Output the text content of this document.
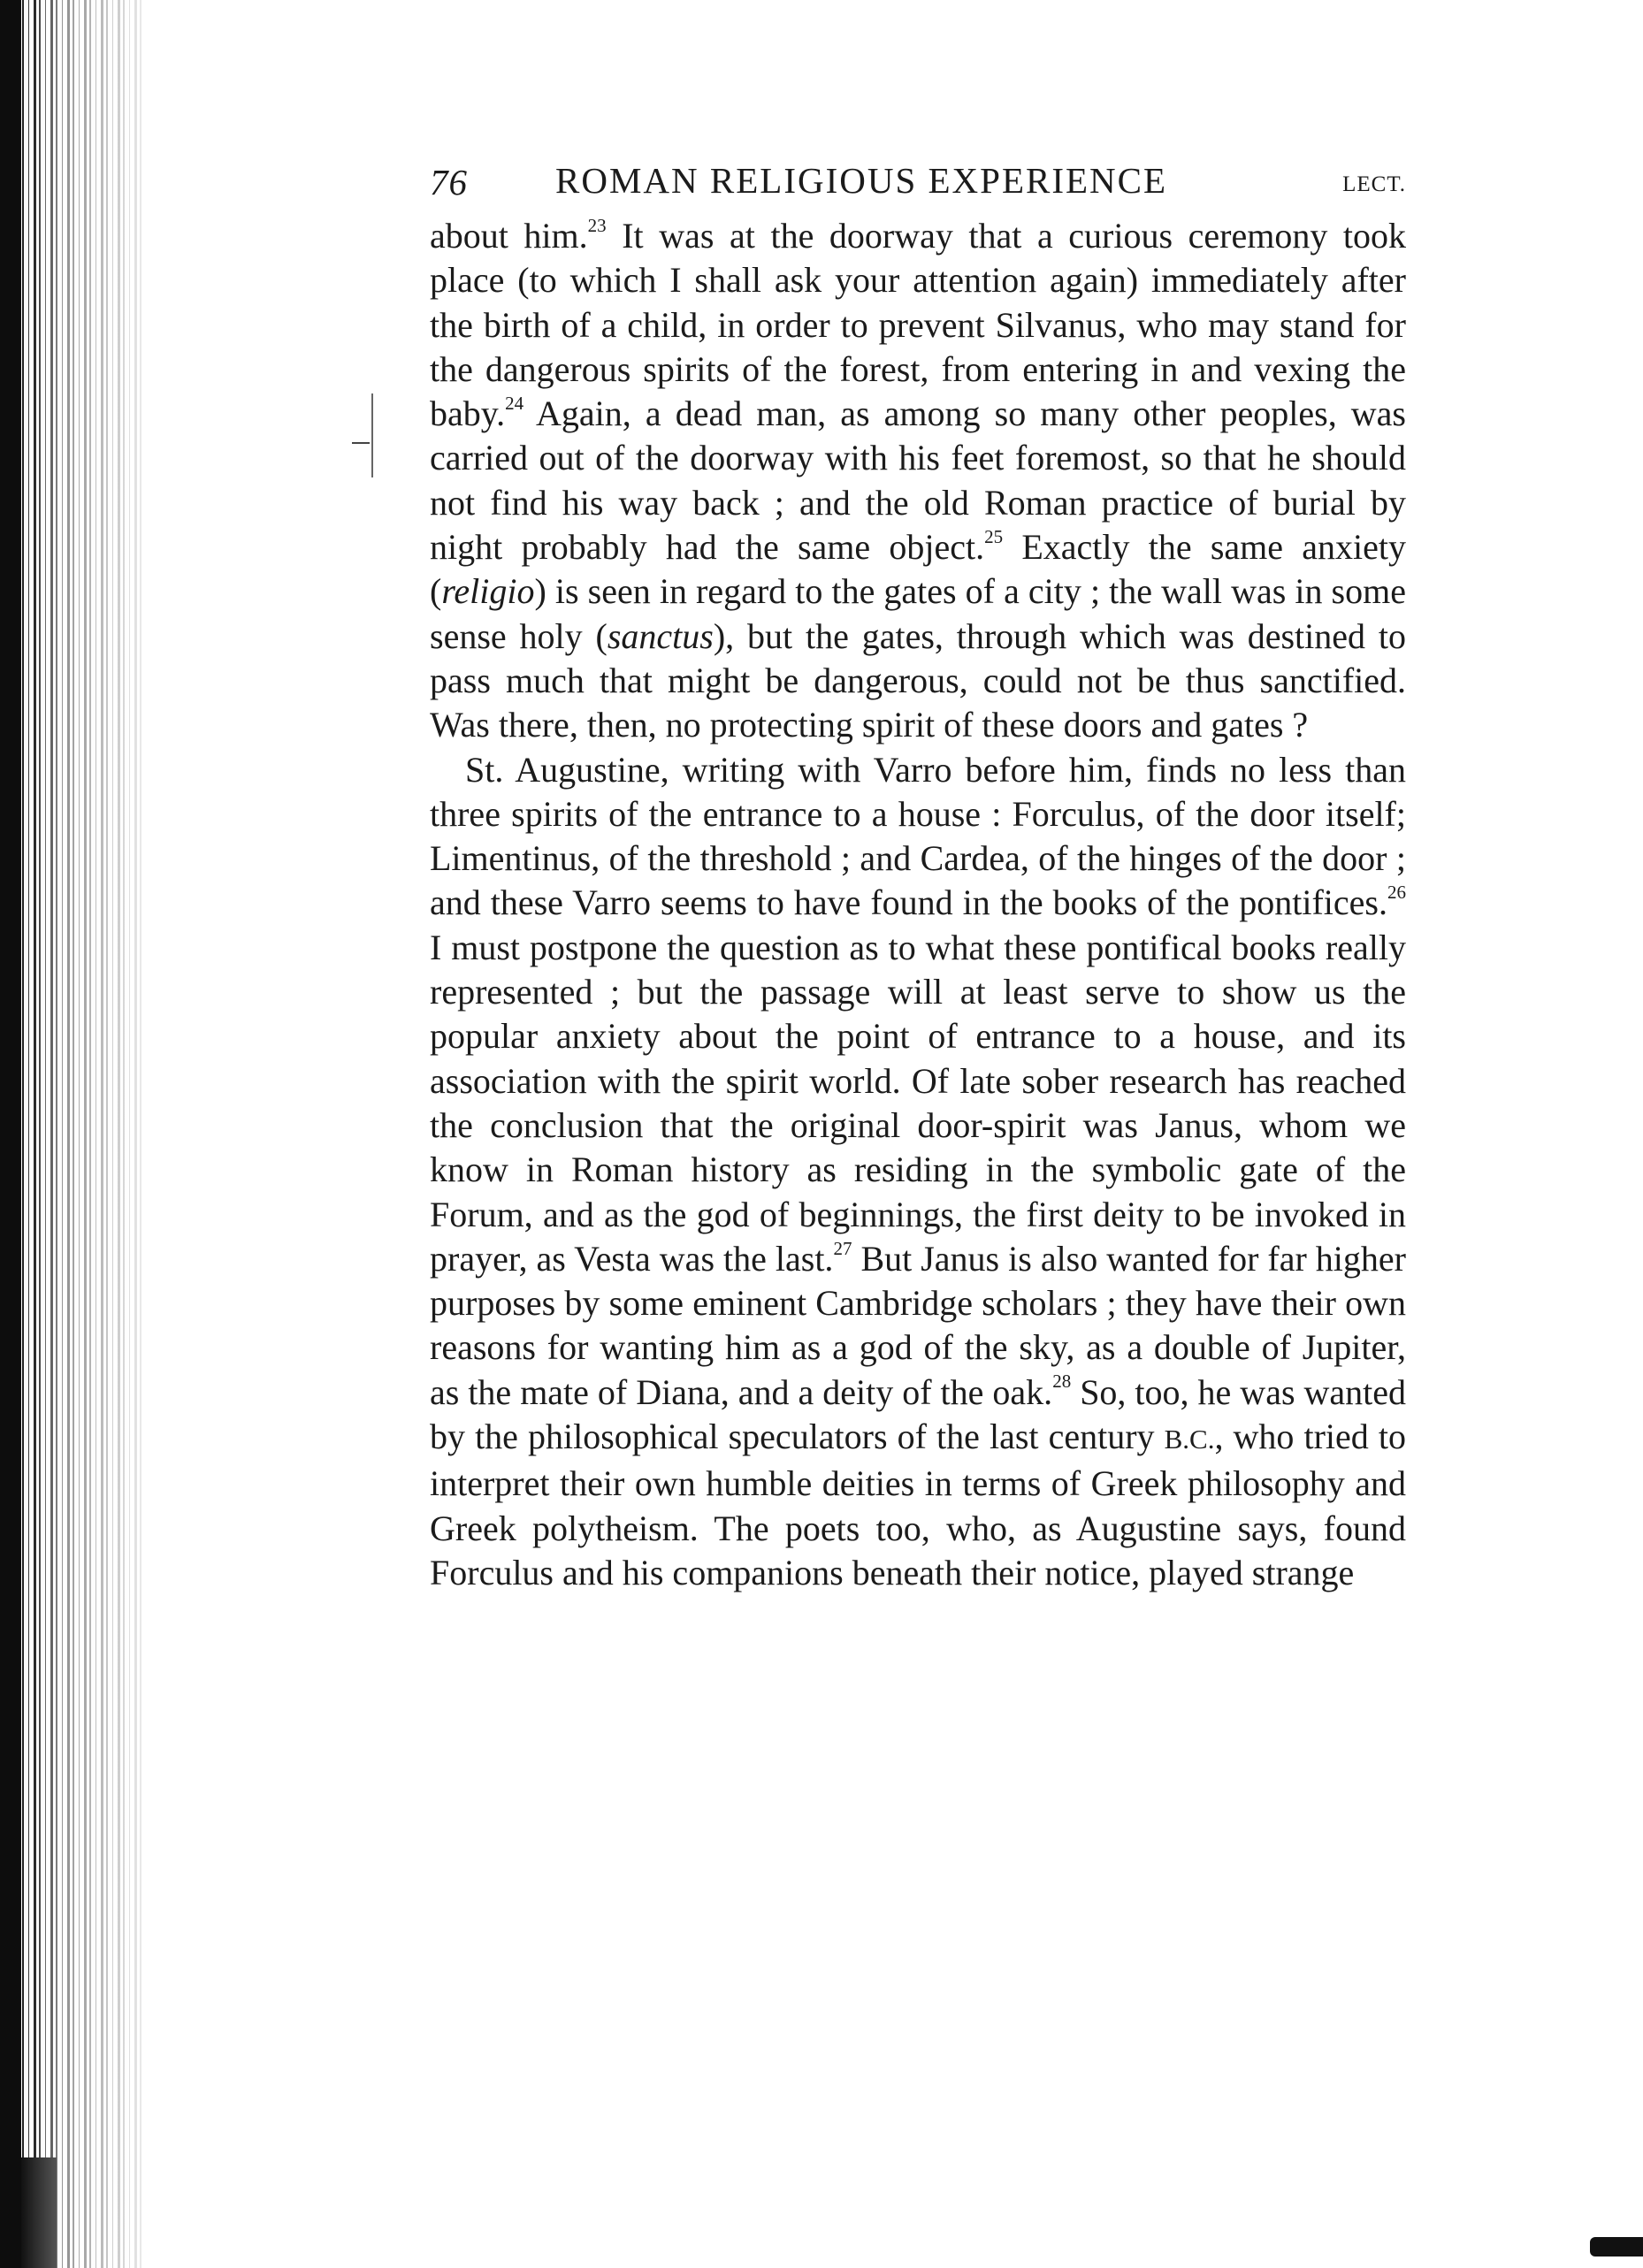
76 ROMAN RELIGIOUS EXPERIENCE	LECT.

about him.$^{23}$ It was at the doorway that a curious ceremony took place (to which I shall ask your attention again) immediately after the birth of a child, in order to prevent Silvanus, who may stand for the dangerous spirits of the forest, from entering in and vexing the baby.$^{24}$ Again, a dead man, as among so many other peoples, was carried out of the doorway with his feet foremost, so that he should not find his way back ; and the old Roman practice of burial by night probably had the same object.$^{25}$ Exactly the same anxiety (religio) is seen in regard to the gates of a city ; the wall was in some sense holy (sanctus), but the gates, through which was destined to pass much that might be dangerous, could not be thus sanctified. Was there, then, no protecting spirit of these doors and gates ?

St. Augustine, writing with Varro before him, finds no less than three spirits of the entrance to a house : Forculus, of the door itself; Limentinus, of the threshold ; and Cardea, of the hinges of the door ; and these Varro seems to have found in the books of the pontifices.$^{26}$ I must postpone the question as to what these pontifical books really represented ; but the passage will at least serve to show us the popular anxiety about the point of entrance to a house, and its association with the spirit world. Of late sober research has reached the conclusion that the original door-spirit was Janus, whom we know in Roman history as residing in the symbolic gate of the Forum, and as the god of beginnings, the first deity to be invoked in prayer, as Vesta was the last.$^{27}$ But Janus is also wanted for far higher purposes by some eminent Cambridge scholars ; they have their own reasons for wanting him as a god of the sky, as a double of Jupiter, as the mate of Diana, and a deity of the oak.$^{28}$ So, too, he was wanted by the philosophical speculators of the last century B.C., who tried to interpret their own humble deities in terms of Greek philosophy and Greek polytheism. The poets too, who, as Augustine says, found Forculus and his companions beneath their notice, played strange
